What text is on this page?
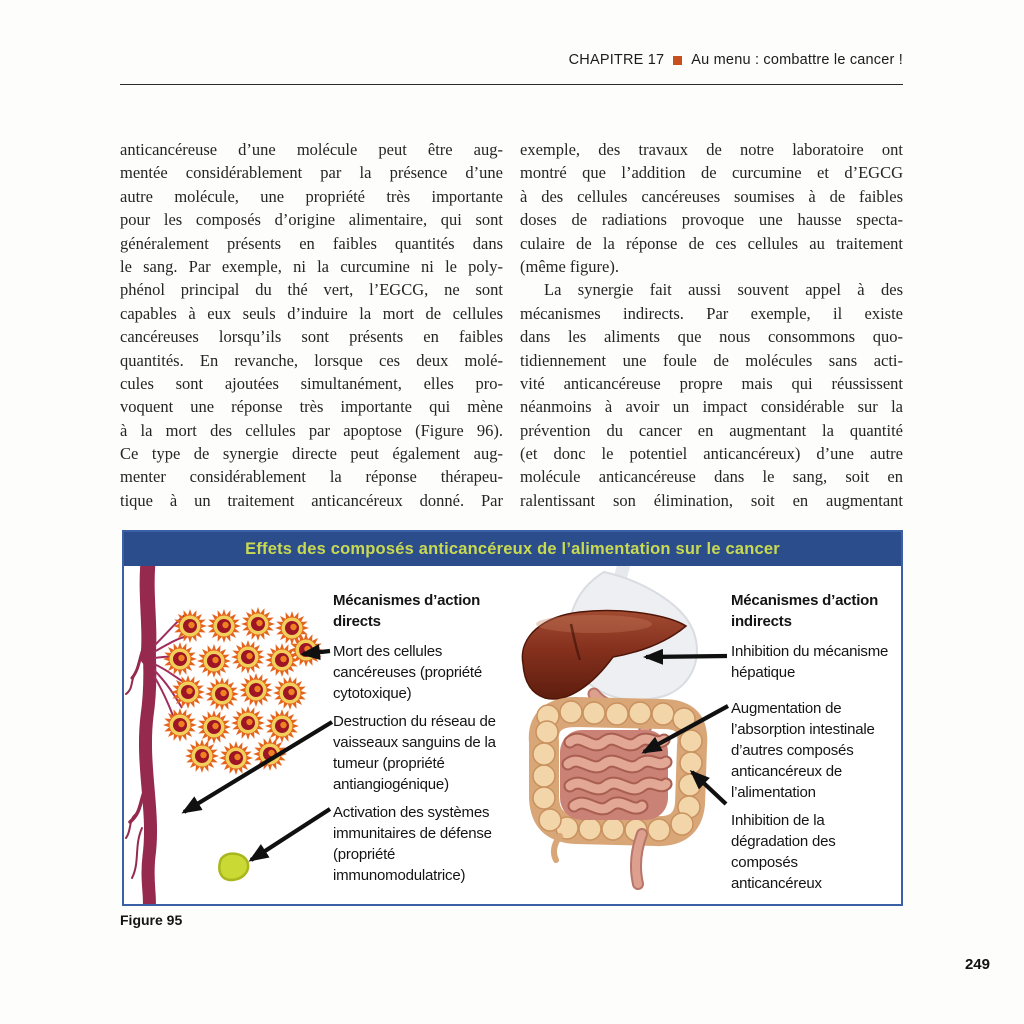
CHAPITRE 17 Au menu : combattre le cancer !
anticancéreuse d’une molécule peut être aug-
mentée considérablement par la présence d’une
autre molécule, une propriété très importante
pour les composés d’origine alimentaire, qui sont
généralement présents en faibles quantités dans
le sang. Par exemple, ni la curcumine ni le poly-
phénol principal du thé vert, l’EGCG, ne sont
capables à eux seuls d’induire la mort de cellules
cancéreuses lorsqu’ils sont présents en faibles
quantités. En revanche, lorsque ces deux molé-
cules sont ajoutées simultanément, elles pro-
voquent une réponse très importante qui mène
à la mort des cellules par apoptose (Figure 96).
Ce type de synergie directe peut également aug-
menter considérablement la réponse thérapeu-
tique à un traitement anticancéreux donné. Par
exemple, des travaux de notre laboratoire ont
montré que l’addition de curcumine et d’EGCG
à des cellules cancéreuses soumises à de faibles
doses de radiations provoque une hausse specta-
culaire de la réponse de ces cellules au traitement
(même figure).
La synergie fait aussi souvent appel à des
mécanismes indirects. Par exemple, il existe
dans les aliments que nous consommons quo-
tidiennement une foule de molécules sans acti-
vité anticancéreuse propre mais qui réussissent
néanmoins à avoir un impact considérable sur la
prévention du cancer en augmentant la quantité
(et donc le potentiel anticancéreux) d’une autre
molécule anticancéreuse dans le sang, soit en
ralentissant son élimination, soit en augmentant
Effets des composés anticancéreux de l’alimentation sur le cancer
Mécanismes d’action directs
Mort des cellules cancéreuses (propriété cytotoxique)
Destruction du réseau de vaisseaux sanguins de la tumeur (propriété antiangiogénique)
Activation des systèmes immunitaires de défense (propriété immunomodulatrice)
Mécanismes d’action indirects
Inhibition du mécanisme hépatique
Augmentation de l’absorption intestinale d’autres composés anticancéreux de l’alimentation
Inhibition de la dégradation des composés anticancéreux
Figure 95
249
